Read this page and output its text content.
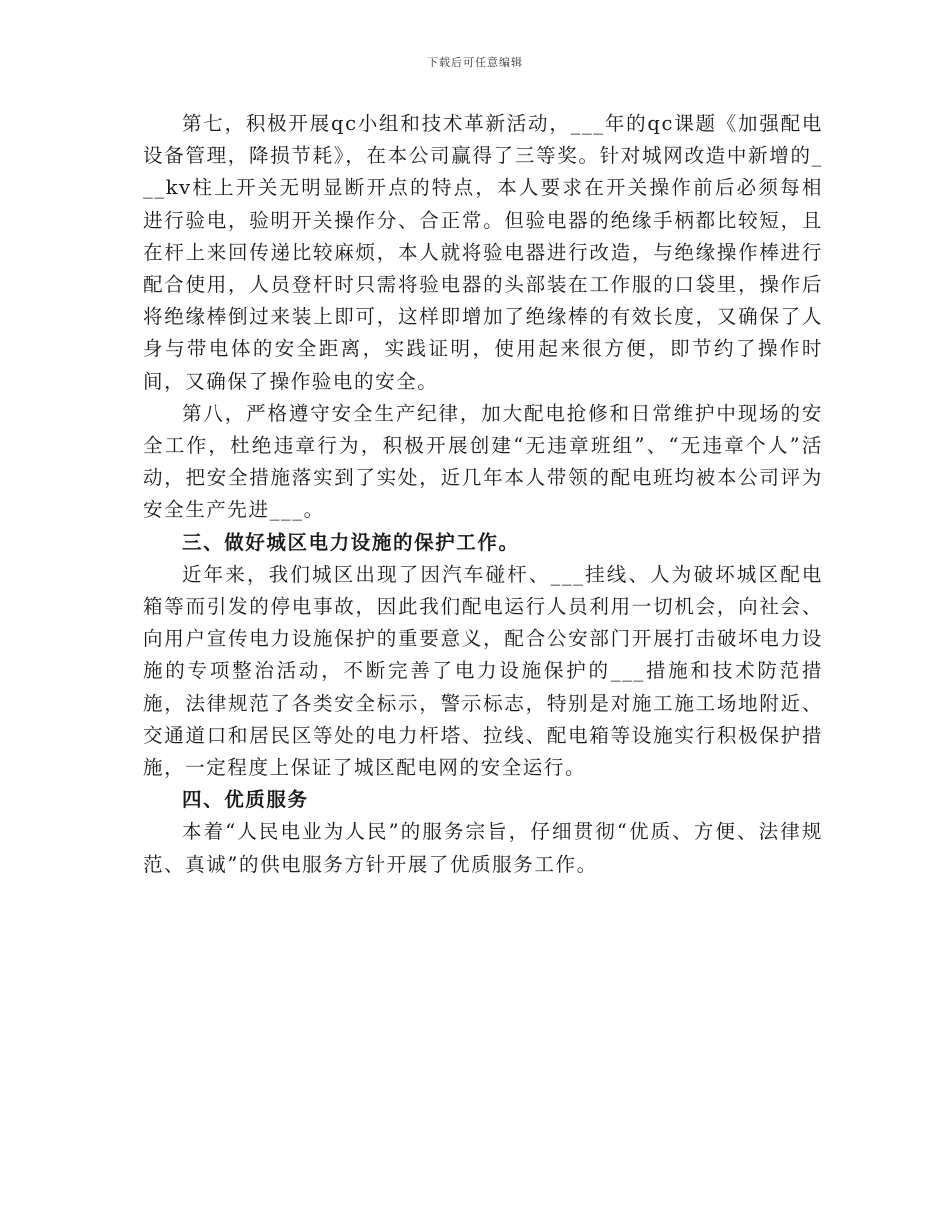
下载后可任意编辑

第七，积极开展qc小组和技术革新活动，___年的qc课题《加强配电设备管理，降损节耗》，在本公司赢得了三等奖。针对城网改造中新增的___kv柱上开关无明显断开点的特点，本人要求在开关操作前后必须每相进行验电，验明开关操作分、合正常。但验电器的绝缘手柄都比较短，且在杆上来回传递比较麻烦，本人就将验电器进行改造，与绝缘操作棒进行配合使用，人员登杆时只需将验电器的头部装在工作服的口袋里，操作后将绝缘棒倒过来装上即可，这样即增加了绝缘棒的有效长度，又确保了人身与带电体的安全距离，实践证明，使用起来很方便，即节约了操作时间，又确保了操作验电的安全。

第八，严格遵守安全生产纪律，加大配电抢修和日常维护中现场的安全工作，杜绝违章行为，积极开展创建“无违章班组”、“无违章个人”活动，把安全措施落实到了实处，近几年本人带领的配电班均被本公司评为安全生产先进___。

三、做好城区电力设施的保护工作。

近年来，我们城区出现了因汽车碰杆、___挂线、人为破坏城区配电箱等而引发的停电事故，因此我们配电运行人员利用一切机会，向社会、向用户宣传电力设施保护的重要意义，配合公安部门开展打击破坏电力设施的专项整治活动，不断完善了电力设施保护的___措施和技术防范措施，法律规范了各类安全标示，警示标志，特别是对施工施工场地附近、交通道口和居民区等处的电力杆塔、拉线、配电箱等设施实行积极保护措施，一定程度上保证了城区配电网的安全运行。

四、优质服务

本着“人民电业为人民”的服务宗旨，仔细贯彻“优质、方便、法律规范、真诚”的供电服务方针开展了优质服务工作。
